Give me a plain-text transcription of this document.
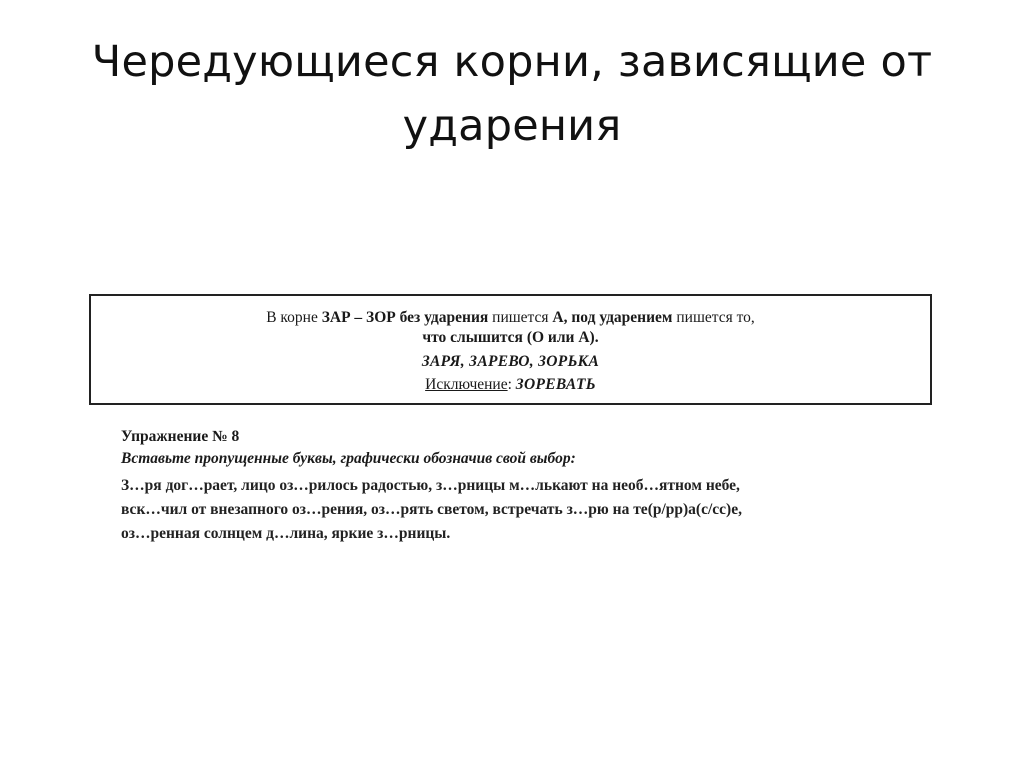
Чередующиеся корни, зависящие от
ударения
В корне ЗАР – ЗОР без ударения пишется А, под ударением пишется то,
что слышится (О или А).
ЗАРЯ, ЗАРЕВО, ЗОРЬКА
Исключение: ЗОРЕВАТЬ
Упражнение № 8
Вставьте пропущенные буквы, графически обозначив свой выбор:
З…ря дог…рает, лицо оз…рилось радостью, з…рницы м…лькают на необ…ятном небе,
вск…чил от внезапного оз…рения, оз…рять светом, встречать з…рю на те(р/рр)а(с/сс)е,
оз…ренная солнцем д…лина, яркие з…рницы.
